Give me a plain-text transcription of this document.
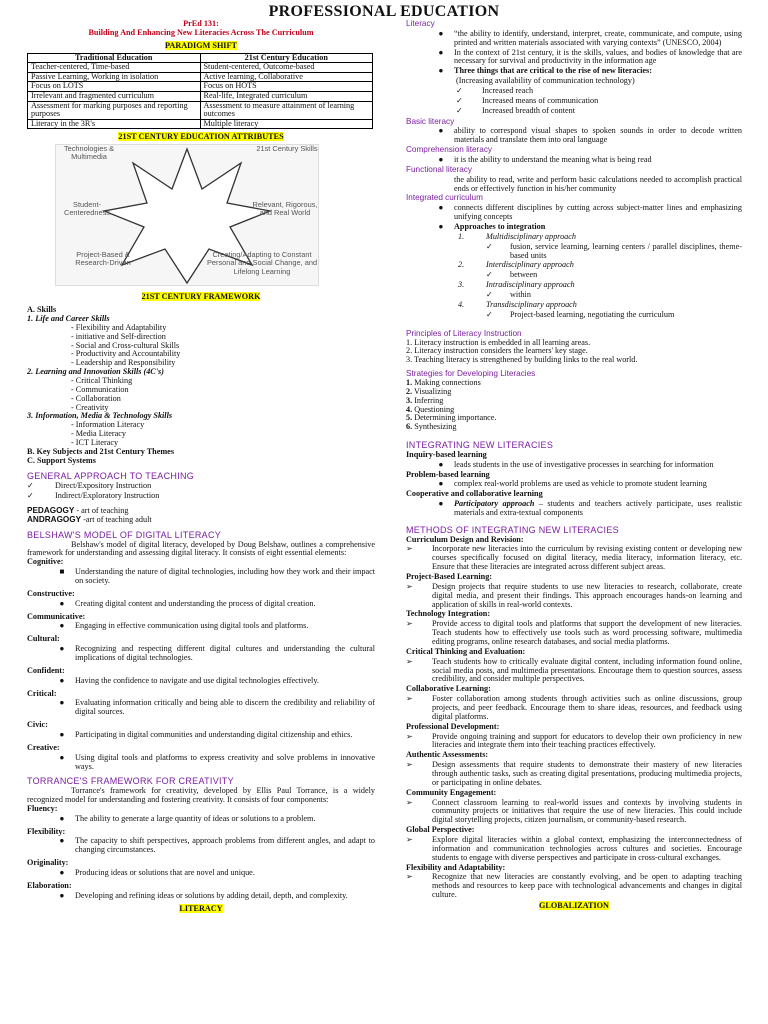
PROFESSIONAL EDUCATION
PrEd 131:
Building And Enhancing New Literacies Across The Curriculum
PARADIGM SHIFT
Traditional Education	21st Century Education
Teacher-centered, Time-based	Student-centered, Outcome-based
Passive Learning, Working in isolation	Active learning, Collaborative
Focus on LOTS	Focus on HOTS
Irrelevant and fragmented curriculum	Real-life, Integrated curriculum
Assessment for marking purposes and reporting purposes	Assessment to measure attainment of learning outcomes
Literacy in the 3R's	Multiple literacy
21ST CENTURY EDUCATION ATTRIBUTES
Technologies & Multimedia
21st Century Skills
Student-Centeredness
Relevant, Rigorous, and Real World
Project-Based & Research-Driven
Creating/Adapting to Constant Personal and Social Change, and Lifelong Learning
21ST CENTURY FRAMEWORK
A. Skills
1. Life and Career Skills
- Flexibility and Adaptability
- initiative and Self-direction
- Social and Cross-cultural Skills
- Productivity and Accountability
- Leadership and Responsibility
2. Learning and Innovation Skills (4C's)
- Critical Thinking
- Communication
- Collaboration
- Creativity
3. Information, Media & Technology Skills
- Information Literacy
- Media Literacy
- ICT Literacy
B. Key Subjects and 21st Century Themes
C. Support Systems
GENERAL APPROACH TO TEACHING
✓	Direct/Expository Instruction
✓	Indirect/Exploratory Instruction
PEDAGOGY - art of teaching
ANDRAGOGY -art of teaching adult
BELSHAW'S MODEL OF DIGITAL LITERACY
Belshaw's model of digital literacy, developed by Doug Belshaw, outlines a comprehensive framework for understanding and assessing digital literacy. It consists of eight essential elements:
Cognitive:
■	Understanding the nature of digital technologies, including how they work and their impact on society.
Constructive:
●	Creating digital content and understanding the process of digital creation.
Communicative:
●	Engaging in effective communication using digital tools and platforms.
Cultural:
●	Recognizing and respecting different digital cultures and understanding the cultural implications of digital technologies.
Confident:
●	Having the confidence to navigate and use digital technologies effectively.
Critical:
●	Evaluating information critically and being able to discern the credibility and reliability of digital sources.
Civic:
●	Participating in digital communities and understanding digital citizenship and ethics.
Creative:
●	Using digital tools and platforms to express creativity and solve problems in innovative ways.
TORRANCE'S FRAMEWORK FOR CREATIVITY
Torrance's framework for creativity, developed by Ellis Paul Torrance, is a widely recognized model for understanding and fostering creativity. It consists of four components:
Fluency:
●	The ability to generate a large quantity of ideas or solutions to a problem.
Flexibility:
●	The capacity to shift perspectives, approach problems from different angles, and adapt to changing circumstances.
Originality:
●	Producing ideas or solutions that are novel and unique.
Elaboration:
●	Developing and refining ideas or solutions by adding detail, depth, and complexity.
LITERACY
Literacy
●	“the ability to identify, understand, interpret, create, communicate, and compute, using printed and written materials associated with varying contexts” (UNESCO, 2004)
●	In the context of 21st century, it is the skills, values, and bodies of knowledge that are necessary for survival and productivity in the information age
●	Three things that are critical to the rise of new literacies:
(Increasing availability of communication technology)
✓	Increased reach
✓	Increased means of communication
✓	Increased breadth of content
Basic literacy
●	ability to correspond visual shapes to spoken sounds in order to decode written materials and translate them into oral language
Comprehension literacy
●	it is the ability to understand the meaning what is being read
Functional literacy
the ability to read, write and perform basic calculations needed to accomplish practical ends or effectively function in his/her community
Integrated curriculum
●	connects different disciplines by cutting across subject-matter lines and emphasizing unifying concepts
●	Approaches to integration
1.	Multidisciplinary approach
✓	fusion, service learning, learning centers / parallel disciplines, theme-based units
2.	Interdisciplinary approach
✓	between
3.	Intradisciplinary approach
✓	within
4.	Transdisciplinary approach
✓	Project-based learning, negotiating the curriculum
Principles of Literacy Instruction
1. Literacy instruction is embedded in all learning areas.
2. Literacy instruction considers the learners' key stage.
3. Teaching literacy is strengthened by building links to the real world.
Strategies for Developing Literacies
1. Making connections
2. Visualizing
3. Inferring
4. Questioning
5. Determining importance.
6. Synthesizing
INTEGRATING NEW LITERACIES
Inquiry-based learning
●	leads students in the use of investigative processes in searching for information
Problem-based learning
●	complex real-world problems are used as vehicle to promote student learning
Cooperative and collaborative learning
●	Participatory approach – students and teachers actively participate, uses realistic materials and extra-textual components
METHODS OF INTEGRATING NEW LITERACIES
Curriculum Design and Revision:
➢	Incorporate new literacies into the curriculum by revising existing content or developing new courses specifically focused on digital literacy, media literacy, information literacy, etc. Ensure that these literacies are integrated across different subject areas.
Project-Based Learning:
➢	Design projects that require students to use new literacies to research, collaborate, create digital media, and present their findings. This approach encourages hands-on learning and application of skills in real-world contexts.
Technology Integration:
➢	Provide access to digital tools and platforms that support the development of new literacies. Teach students how to effectively use tools such as word processing software, multimedia editing programs, online research databases, and social media platforms.
Critical Thinking and Evaluation:
➢	Teach students how to critically evaluate digital content, including information found online, social media posts, and multimedia presentations. Encourage them to question sources, assess credibility, and consider multiple perspectives.
Collaborative Learning:
➢	Foster collaboration among students through activities such as online discussions, group projects, and peer feedback. Encourage them to share ideas, resources, and feedback using digital platforms.
Professional Development:
➢	Provide ongoing training and support for educators to develop their own proficiency in new literacies and integrate them into their teaching practices effectively.
Authentic Assessments:
➢	Design assessments that require students to demonstrate their mastery of new literacies through authentic tasks, such as creating digital presentations, producing multimedia projects, or participating in online debates.
Community Engagement:
➢	Connect classroom learning to real-world issues and contexts by involving students in community projects or initiatives that require the use of new literacies. This could include digital storytelling projects, citizen journalism, or community-based research.
Global Perspective:
➢	Explore digital literacies within a global context, emphasizing the interconnectedness of information and communication technologies across cultures and societies. Encourage students to engage with diverse perspectives and participate in cross-cultural exchanges.
Flexibility and Adaptability:
➢	Recognize that new literacies are constantly evolving, and be open to adapting teaching methods and resources to keep pace with technological advancements and changes in digital culture.
GLOBALIZATION
